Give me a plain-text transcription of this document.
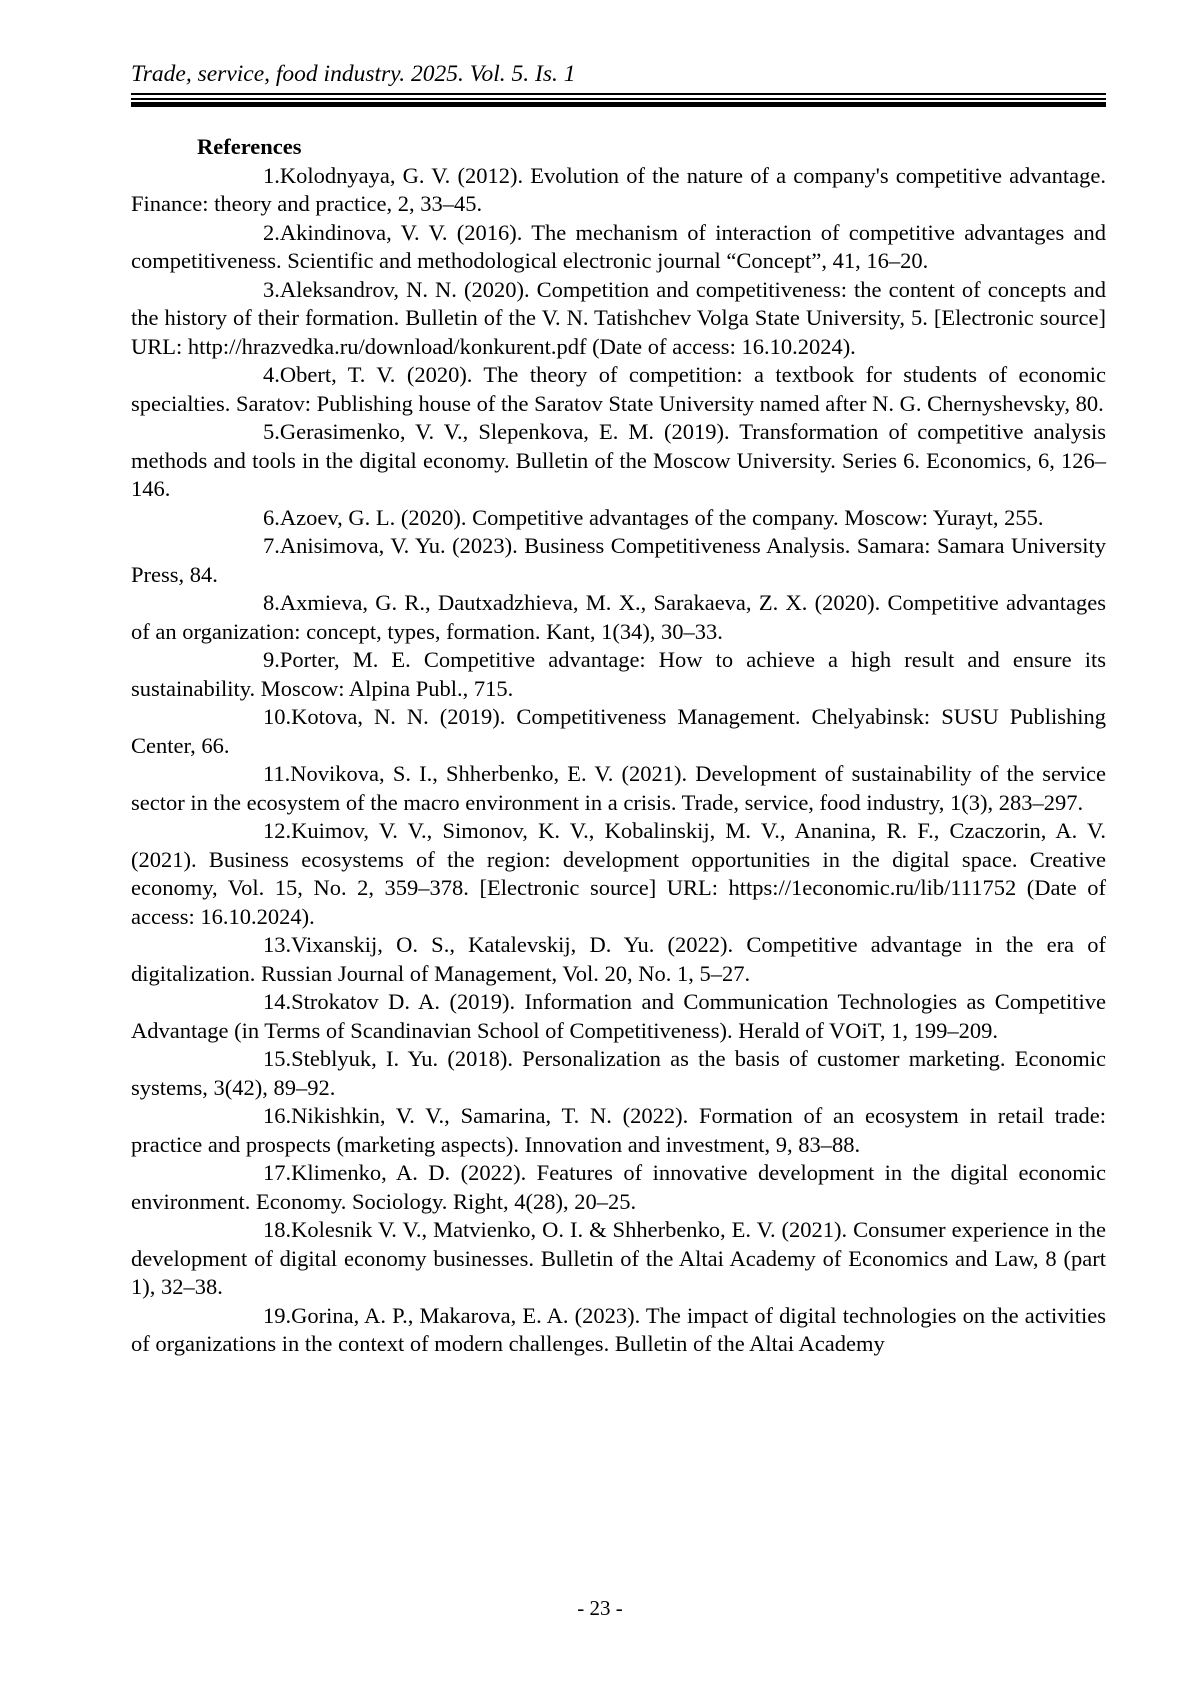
Trade, service, food industry. 2025. Vol. 5. Is. 1
References

1.Kolodnyaya, G. V. (2012). Evolution of the nature of a company's competitive advantage. Finance: theory and practice, 2, 33–45.

2.Akindinova, V. V. (2016). The mechanism of interaction of competitive advantages and competitiveness. Scientific and methodological electronic journal “Concept”, 41, 16–20.

3.Aleksandrov, N. N. (2020). Competition and competitiveness: the content of concepts and the history of their formation. Bulletin of the V. N. Tatishchev Volga State University, 5. [Electronic source] URL: http://hrazvedka.ru/download/konkurent.pdf (Date of access: 16.10.2024).

4.Obert, T. V. (2020). The theory of competition: a textbook for students of economic specialties. Saratov: Publishing house of the Saratov State University named after N. G. Chernyshevsky, 80.

5.Gerasimenko, V. V., Slepenkova, E. M. (2019). Transformation of competitive analysis methods and tools in the digital economy. Bulletin of the Moscow University. Series 6. Economics, 6, 126–146.

6.Azoev, G. L. (2020). Competitive advantages of the company. Moscow: Yurayt, 255.

7.Anisimova, V. Yu. (2023). Business Competitiveness Analysis. Samara: Samara University Press, 84.

8.Axmieva, G. R., Dautxadzhieva, M. X., Sarakaeva, Z. X. (2020). Competitive advantages of an organization: concept, types, formation. Kant, 1(34), 30–33.

9.Porter, M. E. Competitive advantage: How to achieve a high result and ensure its sustainability. Moscow: Alpina Publ., 715.

10.Kotova, N. N. (2019). Competitiveness Management. Chelyabinsk: SUSU Publishing Center, 66.

11.Novikova, S. I., Shherbenko, E. V. (2021). Development of sustainability of the service sector in the ecosystem of the macro environment in a crisis. Trade, service, food industry, 1(3), 283–297.

12.Kuimov, V. V., Simonov, K. V., Kobalinskij, M. V., Ananina, R. F., Czaczorin, A. V. (2021). Business ecosystems of the region: development opportunities in the digital space. Creative economy, Vol. 15, No. 2, 359–378. [Electronic source] URL: https://1economic.ru/lib/111752 (Date of access: 16.10.2024).

13.Vixanskij, O. S., Katalevskij, D. Yu. (2022). Competitive advantage in the era of digitalization. Russian Journal of Management, Vol. 20, No. 1, 5–27.

14.Strokatov D. A. (2019). Information and Communication Technologies as Competitive Advantage (in Terms of Scandinavian School of Competitiveness). Herald of VOiT, 1, 199–209.

15.Steblyuk, I. Yu. (2018). Personalization as the basis of customer marketing. Economic systems, 3(42), 89–92.

16.Nikishkin, V. V., Samarina, T. N. (2022). Formation of an ecosystem in retail trade: practice and prospects (marketing aspects). Innovation and investment, 9, 83–88.

17.Klimenko, A. D. (2022). Features of innovative development in the digital economic environment. Economy. Sociology. Right, 4(28), 20–25.

18.Kolesnik V. V., Matvienko, O. I. & Shherbenko, E. V. (2021). Consumer experience in the development of digital economy businesses. Bulletin of the Altai Academy of Economics and Law, 8 (part 1), 32–38.

19.Gorina, A. P., Makarova, E. A. (2023). The impact of digital technologies on the activities of organizations in the context of modern challenges. Bulletin of the Altai Academy

- 23 -
